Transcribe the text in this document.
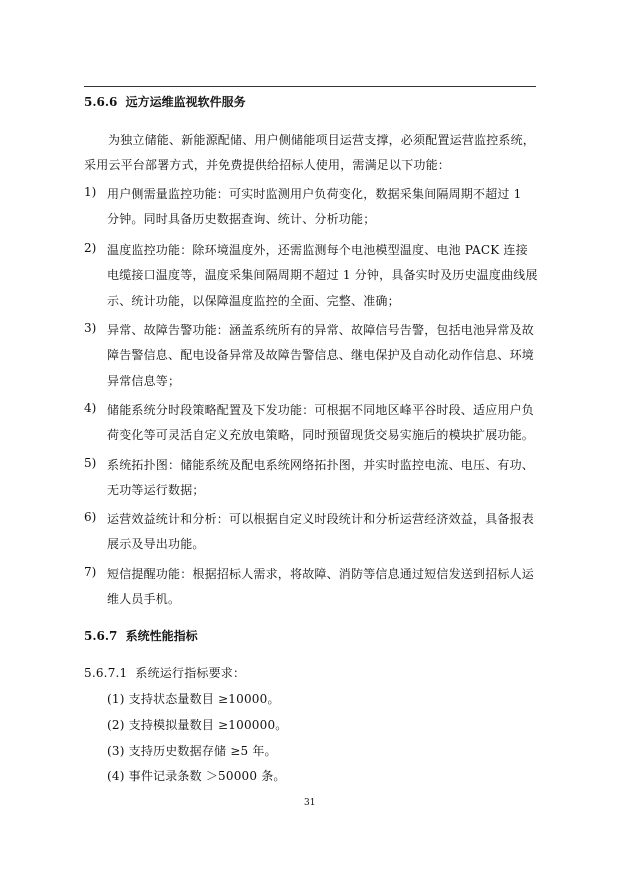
5.6.6 远方运维监视软件服务
为独立储能、新能源配储、用户侧储能项目运营支撑，必须配置运营监控系统，
采用云平台部署方式，并免费提供给招标人使用，需满足以下功能：
1) 用户侧需量监控功能：可实时监测用户负荷变化，数据采集间隔周期不超过 1
分钟。同时具备历史数据查询、统计、分析功能；
2) 温度监控功能：除环境温度外，还需监测每个电池模型温度、电池 PACK 连接
电缆接口温度等，温度采集间隔周期不超过 1 分钟，具备实时及历史温度曲线展
示、统计功能，以保障温度监控的全面、完整、准确；
3) 异常、故障告警功能：涵盖系统所有的异常、故障信号告警，包括电池异常及故
障告警信息、配电设备异常及故障告警信息、继电保护及自动化动作信息、环境
异常信息等；
4) 储能系统分时段策略配置及下发功能：可根据不同地区峰平谷时段、适应用户负
荷变化等可灵活自定义充放电策略，同时预留现货交易实施后的模块扩展功能。
5) 系统拓扑图：储能系统及配电系统网络拓扑图，并实时监控电流、电压、有功、
无功等运行数据；
6) 运营效益统计和分析：可以根据自定义时段统计和分析运营经济效益，具备报表
展示及导出功能。
7) 短信提醒功能：根据招标人需求，将故障、消防等信息通过短信发送到招标人运
维人员手机。
5.6.7 系统性能指标
5.6.7.1 系统运行指标要求：
(1) 支持状态量数目 ≥10000。
(2) 支持模拟量数目 ≥100000。
(3) 支持历史数据存储 ≥5 年。
(4) 事件记录条数 ＞50000 条。
31
